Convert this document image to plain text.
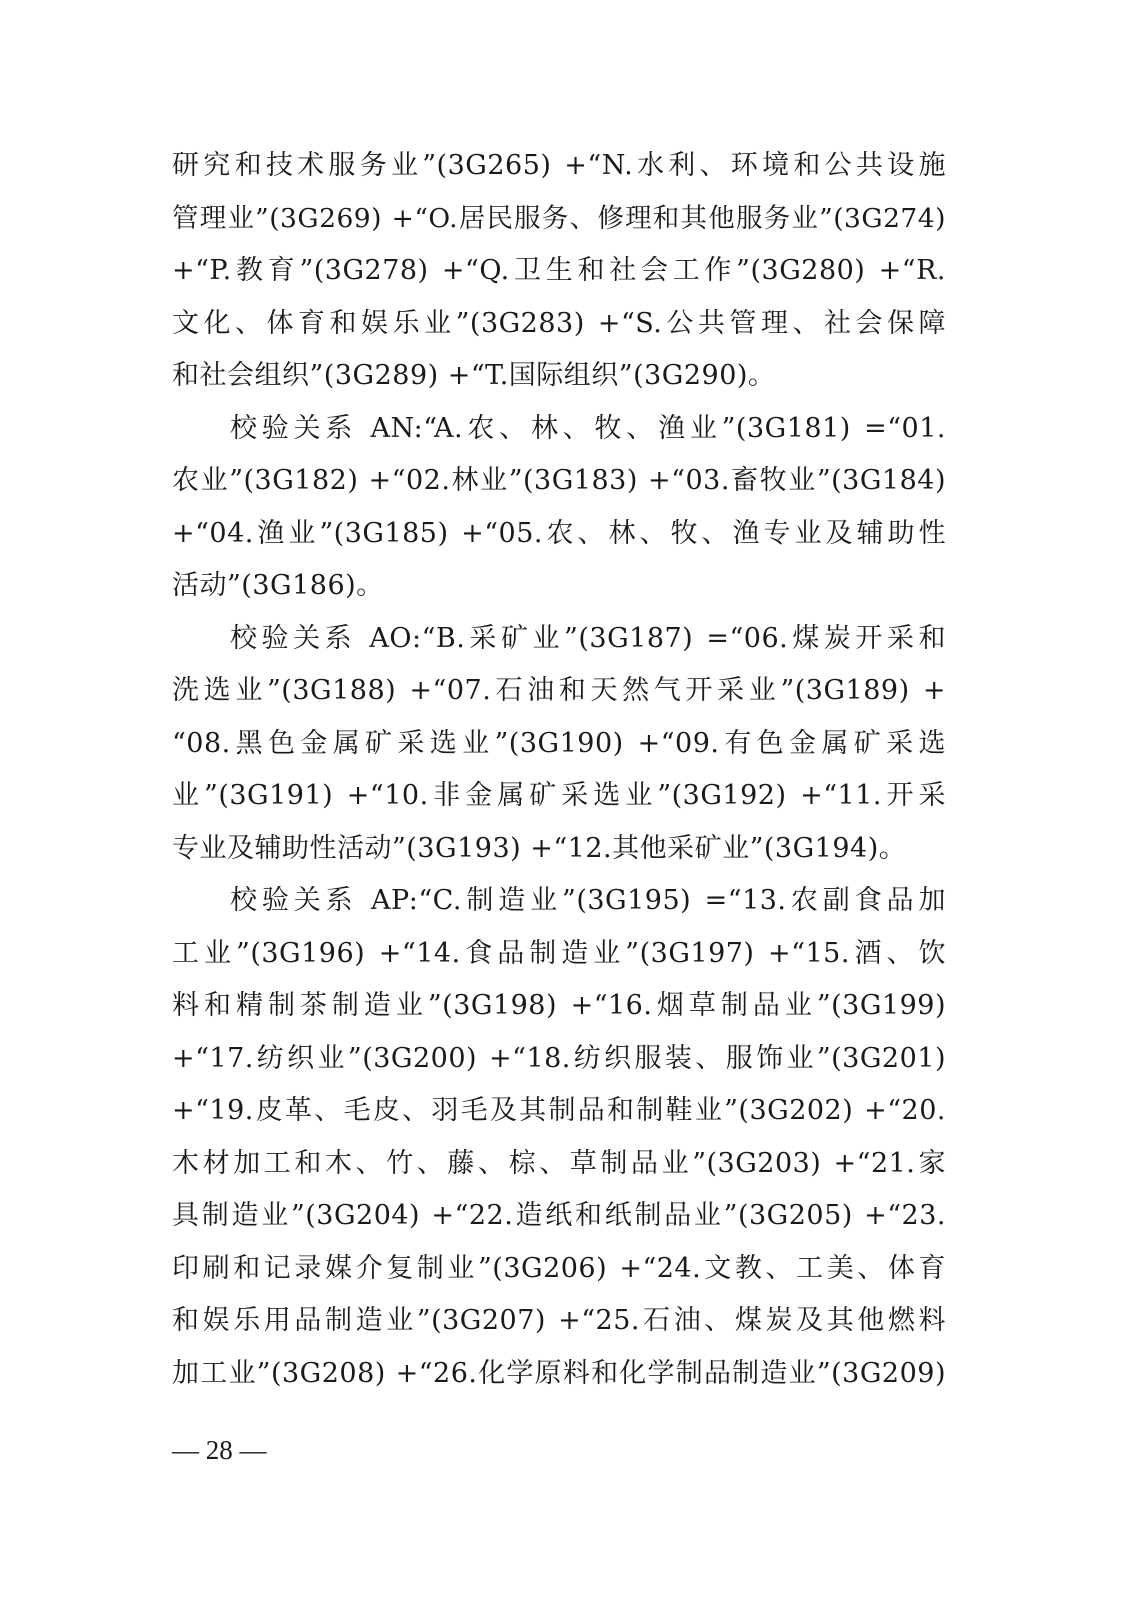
研究和技术服务业”(3G265) +“N.水利、环境和公共设施
管理业”(3G269) +“O.居民服务、修理和其他服务业”(3G274)
+“P.教育”(3G278) +“Q.卫生和社会工作”(3G280) +“R.
文化、体育和娱乐业”(3G283) +“S.公共管理、社会保障
和社会组织”(3G289) +“T.国际组织”(3G290)。
校验关系 AN:“A.农、林、牧、渔业”(3G181) =“01.
农业”(3G182) +“02.林业”(3G183) +“03.畜牧业”(3G184)
+“04.渔业”(3G185) +“05.农、林、牧、渔专业及辅助性
活动”(3G186)。
校验关系 AO:“B.采矿业”(3G187) =“06.煤炭开采和
洗选业”(3G188) +“07.石油和天然气开采业”(3G189) +
“08.黑色金属矿采选业”(3G190) +“09.有色金属矿采选
业”(3G191) +“10.非金属矿采选业”(3G192) +“11.开采
专业及辅助性活动”(3G193) +“12.其他采矿业”(3G194)。
校验关系 AP:“C.制造业”(3G195) =“13.农副食品加
工业”(3G196) +“14.食品制造业”(3G197) +“15.酒、饮
料和精制茶制造业”(3G198) +“16.烟草制品业”(3G199)
+“17.纺织业”(3G200) +“18.纺织服装、服饰业”(3G201)
+“19.皮革、毛皮、羽毛及其制品和制鞋业”(3G202) +“20.
木材加工和木、竹、藤、棕、草制品业”(3G203) +“21.家
具制造业”(3G204) +“22.造纸和纸制品业”(3G205) +“23.
印刷和记录媒介复制业”(3G206) +“24.文教、工美、体育
和娱乐用品制造业”(3G207) +“25.石油、煤炭及其他燃料
加工业”(3G208) +“26.化学原料和化学制品制造业”(3G209)
— 28 —
